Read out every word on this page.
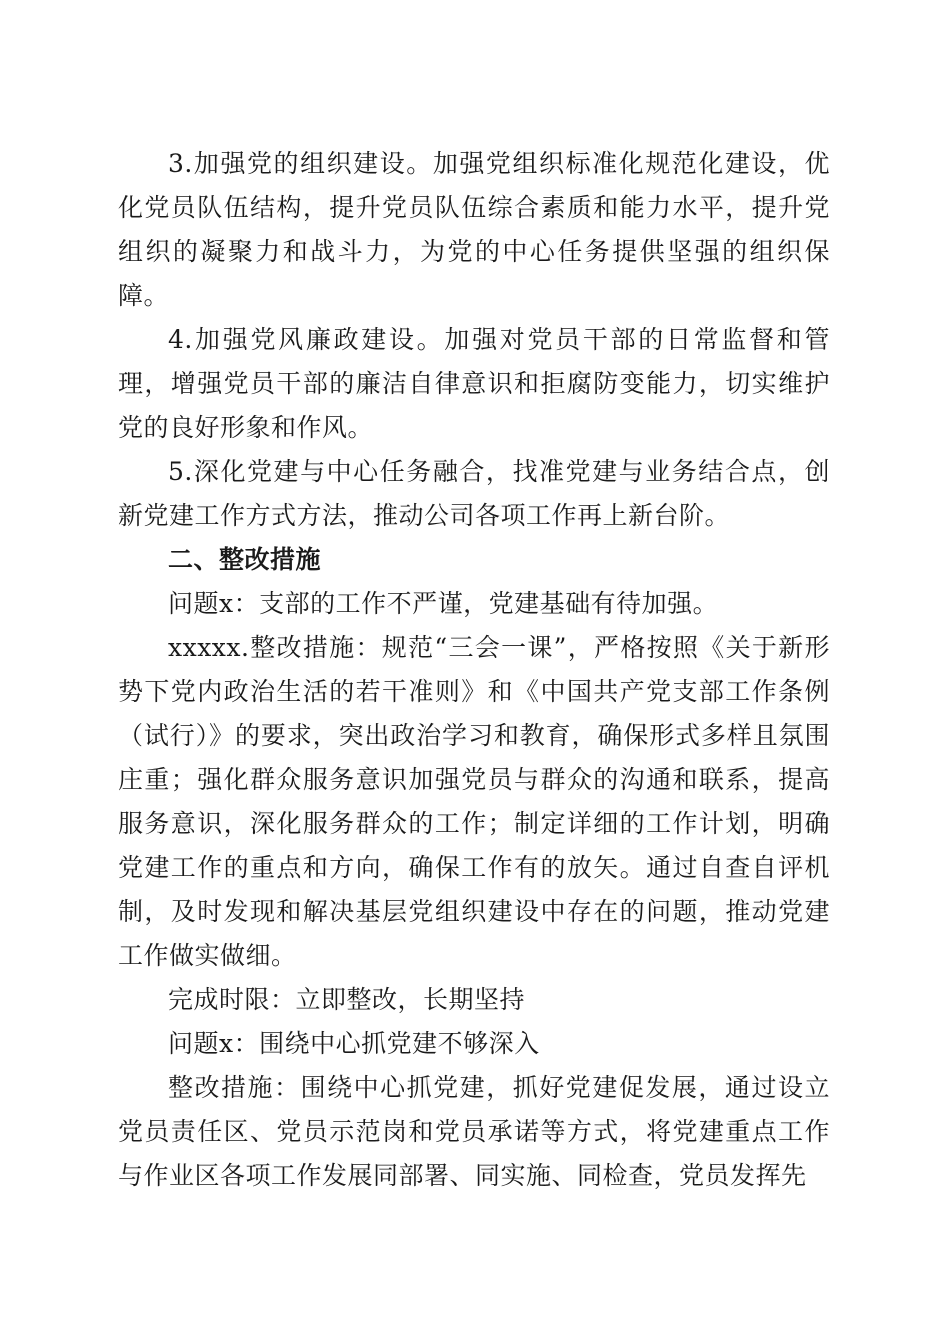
3.加强党的组织建设。加强党组织标准化规范化建设，优化党员队伍结构，提升党员队伍综合素质和能力水平，提升党组织的凝聚力和战斗力，为党的中心任务提供坚强的组织保障。

4.加强党风廉政建设。加强对党员干部的日常监督和管理，增强党员干部的廉洁自律意识和拒腐防变能力，切实维护党的良好形象和作风。

5.深化党建与中心任务融合，找准党建与业务结合点，创新党建工作方式方法，推动公司各项工作再上新台阶。

二、整改措施

问题x：支部的工作不严谨，党建基础有待加强。

xxxxx.整改措施：规范“三会一课”，严格按照《关于新形势下党内政治生活的若干准则》和《中国共产党支部工作条例（试行）》的要求，突出政治学习和教育，确保形式多样且氛围庄重；强化群众服务意识加强党员与群众的沟通和联系，提高服务意识，深化服务群众的工作；制定详细的工作计划，明确党建工作的重点和方向，确保工作有的放矢。通过自查自评机制，及时发现和解决基层党组织建设中存在的问题，推动党建工作做实做细。

完成时限：立即整改，长期坚持

问题x：围绕中心抓党建不够深入

整改措施：围绕中心抓党建，抓好党建促发展，通过设立党员责任区、党员示范岗和党员承诺等方式，将党建重点工作与作业区各项工作发展同部署、同实施、同检查，党员发挥先
